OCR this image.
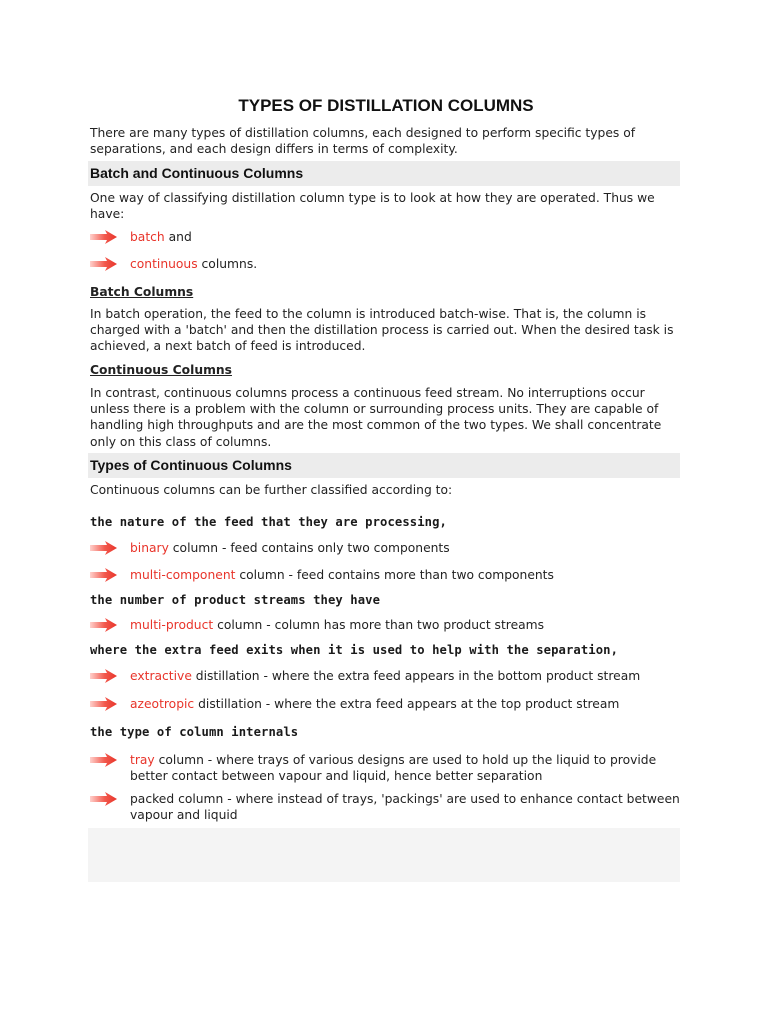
TYPES OF DISTILLATION COLUMNS
There are many types of distillation columns, each designed to perform specific types of separations, and each design differs in terms of complexity.
Batch and Continuous Columns
One way of classifying distillation column type is to look at how they are operated. Thus we have:
batch and
continuous columns.
Batch Columns
In batch operation, the feed to the column is introduced batch-wise. That is, the column is charged with a 'batch' and then the distillation process is carried out. When the desired task is achieved, a next batch of feed is introduced.
Continuous Columns
In contrast, continuous columns process a continuous feed stream. No interruptions occur unless there is a problem with the column or surrounding process units. They are capable of handling high throughputs and are the most common of the two types. We shall concentrate only on this class of columns.
Types of Continuous Columns
Continuous columns can be further classified according to:
the nature of the feed that they are processing,
binary column - feed contains only two components
multi-component column - feed contains more than two components
the number of product streams they have
multi-product column - column has more than two product streams
where the extra feed exits when it is used to help with the separation,
extractive distillation - where the extra feed appears in the bottom product stream
azeotropic distillation - where the extra feed appears at the top product stream
the type of column internals
tray column - where trays of various designs are used to hold up the liquid to provide better contact between vapour and liquid, hence better separation
packed column - where instead of trays, 'packings' are used to enhance contact between vapour and liquid
